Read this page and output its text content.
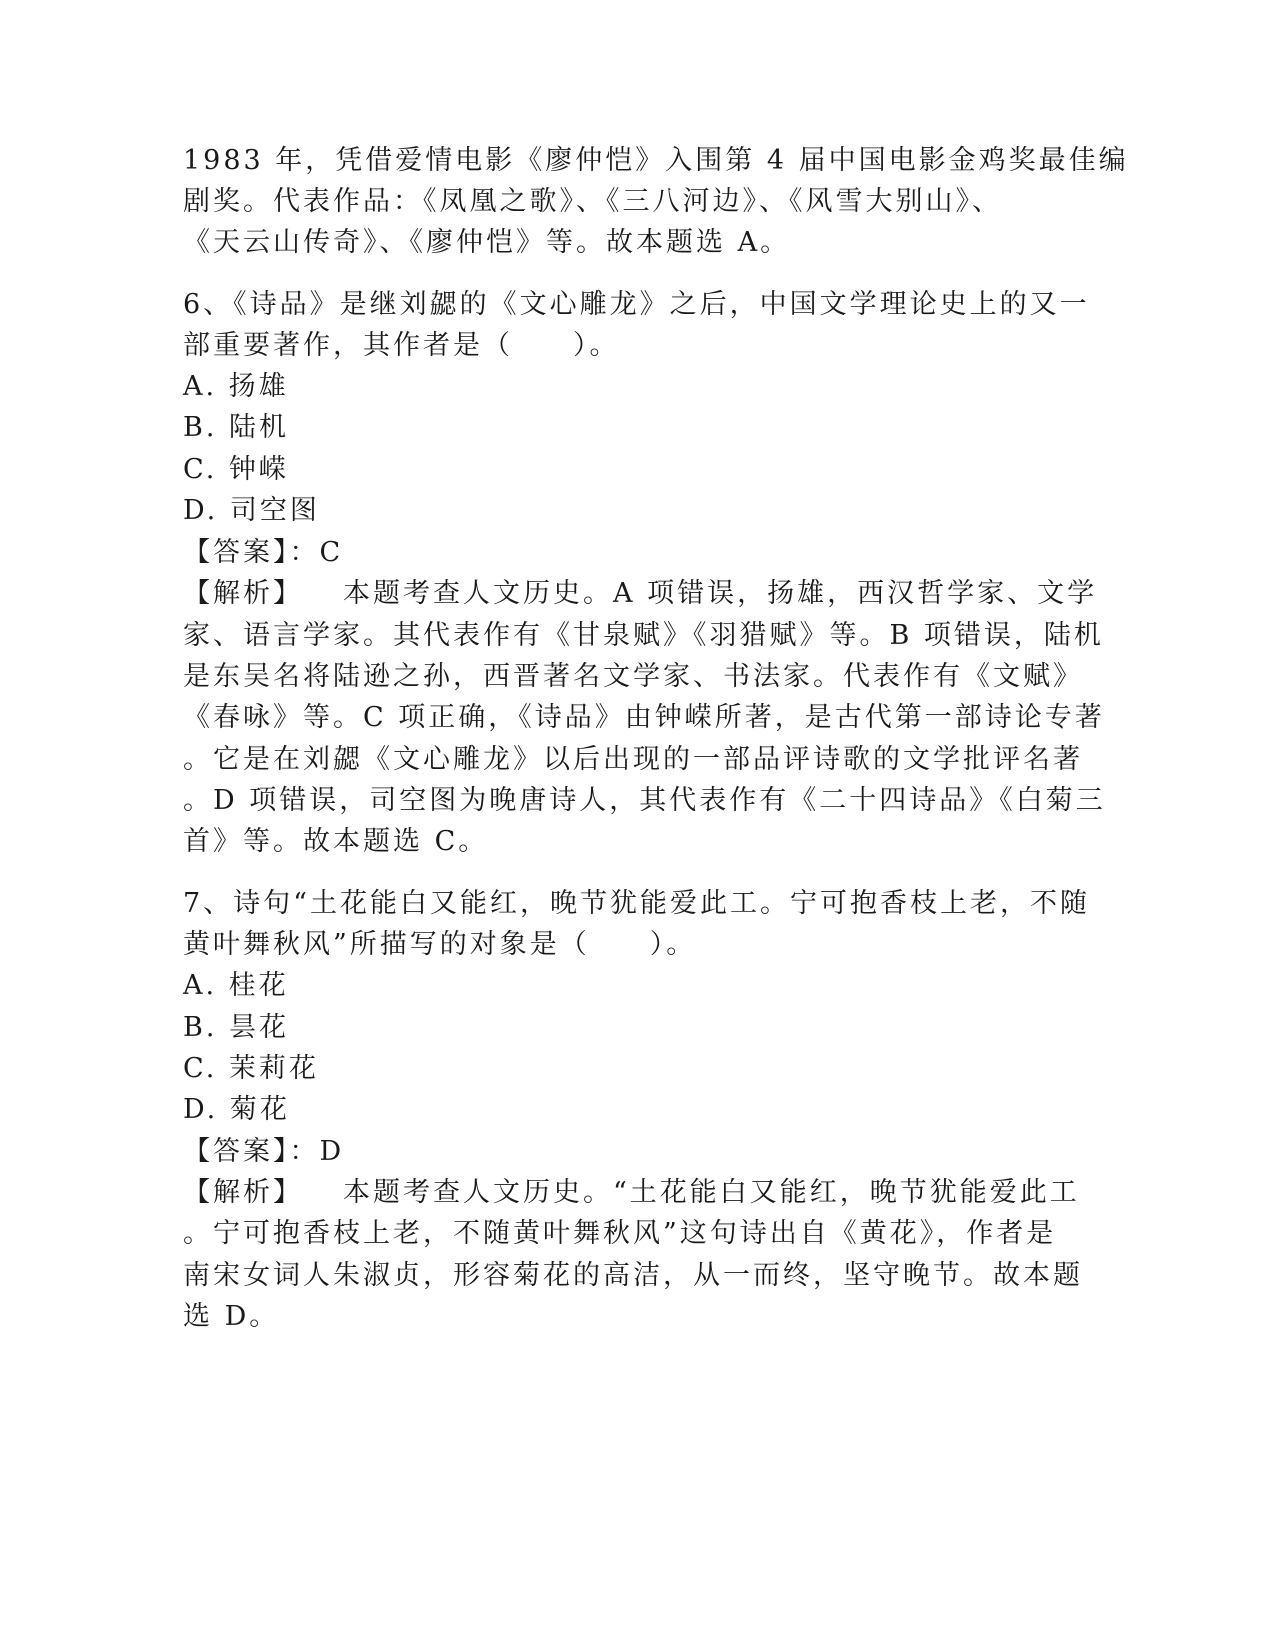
1983 年，凭借爱情电影《廖仲恺》入围第 4 届中国电影金鸡奖最佳编
剧奖。代表作品：《凤凰之歌》、《三八河边》、《风雪大别山》、
《天云山传奇》、《廖仲恺》等。故本题选 A。
6、《诗品》是继刘勰的《文心雕龙》之后，中国文学理论史上的又一
部重要著作，其作者是（　　）。
A. 扬雄
B. 陆机
C. 钟嵘
D. 司空图
【答案】：C
【解析】 本题考查人文历史。A 项错误，扬雄，西汉哲学家、文学
家、语言学家。其代表作有《甘泉赋》《羽猎赋》等。B 项错误，陆机
是东吴名将陆逊之孙，西晋著名文学家、书法家。代表作有《文赋》
《春咏》等。C 项正确，《诗品》由钟嵘所著，是古代第一部诗论专著
。它是在刘勰《文心雕龙》以后出现的一部品评诗歌的文学批评名著
。D 项错误，司空图为晚唐诗人，其代表作有《二十四诗品》《白菊三
首》等。故本题选 C。
7、诗句“土花能白又能红，晚节犹能爱此工。宁可抱香枝上老，不随
黄叶舞秋风”所描写的对象是（　　）。
A. 桂花
B. 昙花
C. 茉莉花
D. 菊花
【答案】：D
【解析】 本题考查人文历史。“土花能白又能红，晚节犹能爱此工
。宁可抱香枝上老，不随黄叶舞秋风”这句诗出自《黄花》，作者是
南宋女词人朱淑贞，形容菊花的高洁，从一而终，坚守晚节。故本题
选 D。
